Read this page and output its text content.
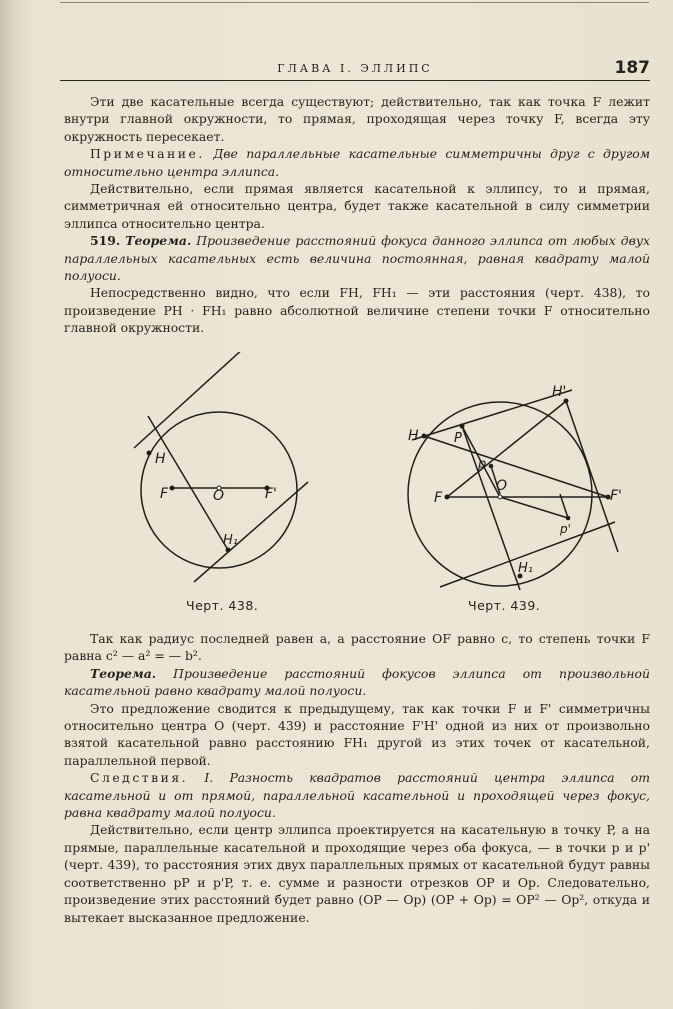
ГЛАВА I. ЭЛЛИПС	187

Эти две касательные всегда существуют; действительно, так как точка F лежит внутри главной окружности, то прямая, проходящая через точку F, всегда эту окружность пересекает.

Примечание. Две параллельные касательные симметричны друг с другом относительно центра эллипса.

Действительно, если прямая является касательной к эллипсу, то и прямая, симметричная ей относительно центра, будет также касательной в силу симметрии эллипса относительно центра.

519. Теорема. Произведение расстояний фокуса данного эллипса от любых двух параллельных касательных есть величина постоянная, равная квадрату малой полуоси.

Непосредственно видно, что если FH, FH₁ — эти расстояния (черт. 438), то произведение PH · FH₁ равно абсолютной величине степени точки F относительно главной окружности.

H
F	O	F'
H₁
H'
H	P
p
O
F	F'
p'
H₁
Черт. 438.	Черт. 439.

Так как радиус последней равен a, а расстояние OF равно c, то степень точки F равна c² — a² = — b².

Теорема. Произведение расстояний фокусов эллипса от произвольной касательной равно квадрату малой полуоси.

Это предложение сводится к предыдущему, так как точки F и F' симметричны относительно центра O (черт. 439) и расстояние F'H' одной из них от произвольно взятой касательной равно расстоянию FH₁ другой из этих точек от касательной, параллельной первой.

Следствия. I. Разность квадратов расстояний центра эллипса от касательной и от прямой, параллельной касательной и проходящей через фокус, равна квадрату малой полуоси.

Действительно, если центр эллипса проектируется на касательную в точку P, а на прямые, параллельные касательной и проходящие через оба фокуса, — в точки p и p' (черт. 439), то расстояния этих двух параллельных прямых от касательной будут равны соответственно pP и p'P, т. е. сумме и разности отрезков OP и Op. Следовательно, произведение этих расстояний будет равно (OP — Op) (OP + Op) = OP² — Op², откуда и вытекает высказанное предложение.
